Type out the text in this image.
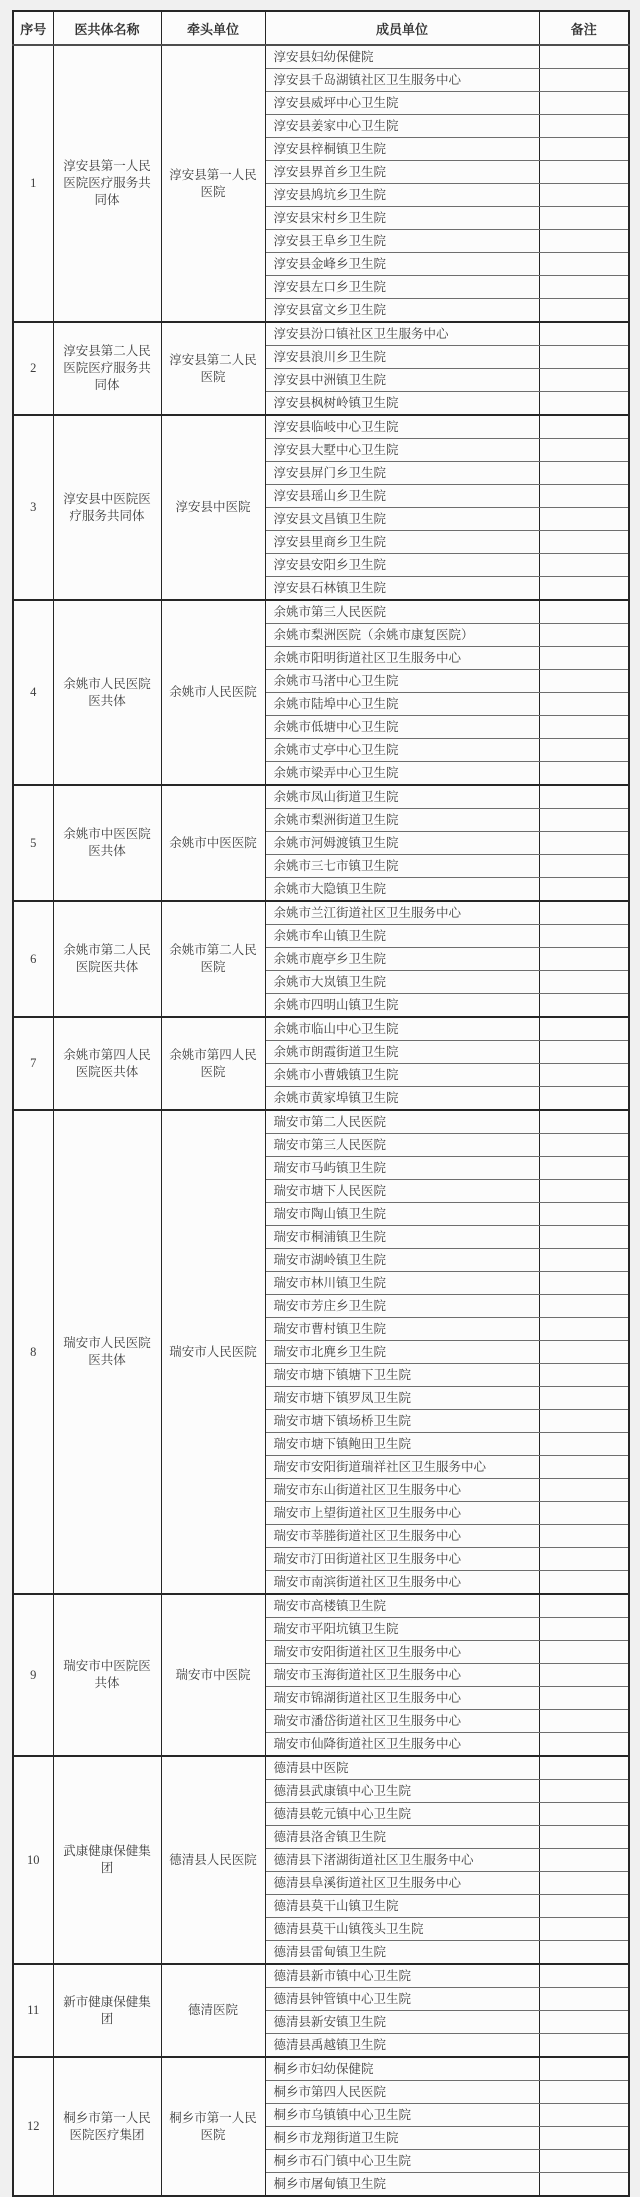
序号	医共体名称	牵头单位	成员单位	备注
1	淳安县第一人民医院医疗服务共同体	淳安县第一人民医院	淳安县妇幼保健院	
			淳安县千岛湖镇社区卫生服务中心	
			淳安县威坪中心卫生院	
			淳安县姜家中心卫生院	
			淳安县梓桐镇卫生院	
			淳安县界首乡卫生院	
			淳安县鸠坑乡卫生院	
			淳安县宋村乡卫生院	
			淳安县王阜乡卫生院	
			淳安县金峰乡卫生院	
			淳安县左口乡卫生院	
			淳安县富文乡卫生院	
2	淳安县第二人民医院医疗服务共同体	淳安县第二人民医院	淳安县汾口镇社区卫生服务中心	
			淳安县浪川乡卫生院	
			淳安县中洲镇卫生院	
			淳安县枫树岭镇卫生院	
3	淳安县中医院医疗服务共同体	淳安县中医院	淳安县临岐中心卫生院	
			淳安县大墅中心卫生院	
			淳安县屏门乡卫生院	
			淳安县瑶山乡卫生院	
			淳安县文昌镇卫生院	
			淳安县里商乡卫生院	
			淳安县安阳乡卫生院	
			淳安县石林镇卫生院	
4	余姚市人民医院医共体	余姚市人民医院	余姚市第三人民医院	
			余姚市梨洲医院（余姚市康复医院）	
			余姚市阳明街道社区卫生服务中心	
			余姚市马渚中心卫生院	
			余姚市陆埠中心卫生院	
			余姚市低塘中心卫生院	
			余姚市丈亭中心卫生院	
			余姚市梁弄中心卫生院	
5	余姚市中医医院医共体	余姚市中医医院	余姚市凤山街道卫生院	
			余姚市梨洲街道卫生院	
			余姚市河姆渡镇卫生院	
			余姚市三七市镇卫生院	
			余姚市大隐镇卫生院	
6	余姚市第二人民医院医共体	余姚市第二人民医院	余姚市兰江街道社区卫生服务中心	
			余姚市牟山镇卫生院	
			余姚市鹿亭乡卫生院	
			余姚市大岚镇卫生院	
			余姚市四明山镇卫生院	
7	余姚市第四人民医院医共体	余姚市第四人民医院	余姚市临山中心卫生院	
			余姚市朗霞街道卫生院	
			余姚市小曹娥镇卫生院	
			余姚市黄家埠镇卫生院	
8	瑞安市人民医院医共体	瑞安市人民医院	瑞安市第二人民医院	
			瑞安市第三人民医院	
			瑞安市马屿镇卫生院	
			瑞安市塘下人民医院	
			瑞安市陶山镇卫生院	
			瑞安市桐浦镇卫生院	
			瑞安市湖岭镇卫生院	
			瑞安市林川镇卫生院	
			瑞安市芳庄乡卫生院	
			瑞安市曹村镇卫生院	
			瑞安市北麂乡卫生院	
			瑞安市塘下镇塘下卫生院	
			瑞安市塘下镇罗凤卫生院	
			瑞安市塘下镇场桥卫生院	
			瑞安市塘下镇鲍田卫生院	
			瑞安市安阳街道瑞祥社区卫生服务中心	
			瑞安市东山街道社区卫生服务中心	
			瑞安市上望街道社区卫生服务中心	
			瑞安市莘塍街道社区卫生服务中心	
			瑞安市汀田街道社区卫生服务中心	
			瑞安市南滨街道社区卫生服务中心	
9	瑞安市中医院医共体	瑞安市中医院	瑞安市高楼镇卫生院	
			瑞安市平阳坑镇卫生院	
			瑞安市安阳街道社区卫生服务中心	
			瑞安市玉海街道社区卫生服务中心	
			瑞安市锦湖街道社区卫生服务中心	
			瑞安市潘岱街道社区卫生服务中心	
			瑞安市仙降街道社区卫生服务中心	
10	武康健康保健集团	德清县人民医院	德清县中医院	
			德清县武康镇中心卫生院	
			德清县乾元镇中心卫生院	
			德清县洛舍镇卫生院	
			德清县下渚湖街道社区卫生服务中心	
			德清县阜溪街道社区卫生服务中心	
			德清县莫干山镇卫生院	
			德清县莫干山镇筏头卫生院	
			德清县雷甸镇卫生院	
11	新市健康保健集团	德清医院	德清县新市镇中心卫生院	
			德清县钟管镇中心卫生院	
			德清县新安镇卫生院	
			德清县禹越镇卫生院	
12	桐乡市第一人民医院医疗集团	桐乡市第一人民医院	桐乡市妇幼保健院	
			桐乡市第四人民医院	
			桐乡市乌镇镇中心卫生院	
			桐乡市龙翔街道卫生院	
			桐乡市石门镇中心卫生院	
			桐乡市屠甸镇卫生院	
